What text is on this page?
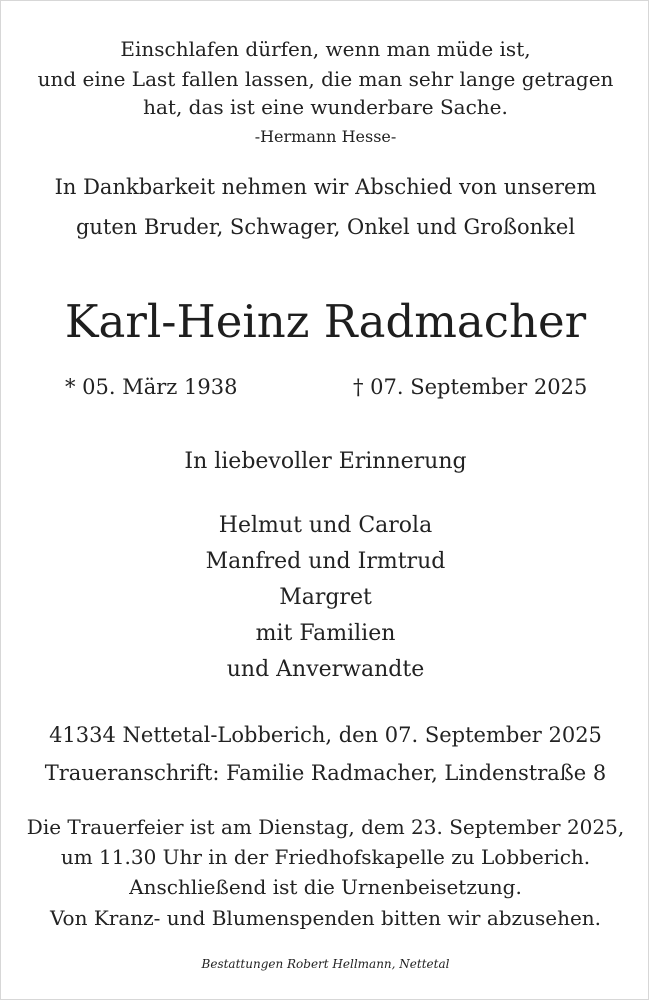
Einschlafen dürfen, wenn man müde ist,
und eine Last fallen lassen, die man sehr lange getragen
hat, das ist eine wunderbare Sache.
-Hermann Hesse-
In Dankbarkeit nehmen wir Abschied von unserem
guten Bruder, Schwager, Onkel und Großonkel
Karl-Heinz Radmacher
* 05. März 1938	† 07. September 2025
In liebevoller Erinnerung
Helmut und Carola
Manfred und Irmtrud
Margret
mit Familien
und Anverwandte
41334 Nettetal-Lobberich, den 07. September 2025
Traueranschrift: Familie Radmacher, Lindenstraße 8
Die Trauerfeier ist am Dienstag, dem 23. September 2025,
um 11.30 Uhr in der Friedhofskapelle zu Lobberich.
Anschließend ist die Urnenbeisetzung.
Von Kranz- und Blumenspenden bitten wir abzusehen.
Bestattungen Robert Hellmann, Nettetal
